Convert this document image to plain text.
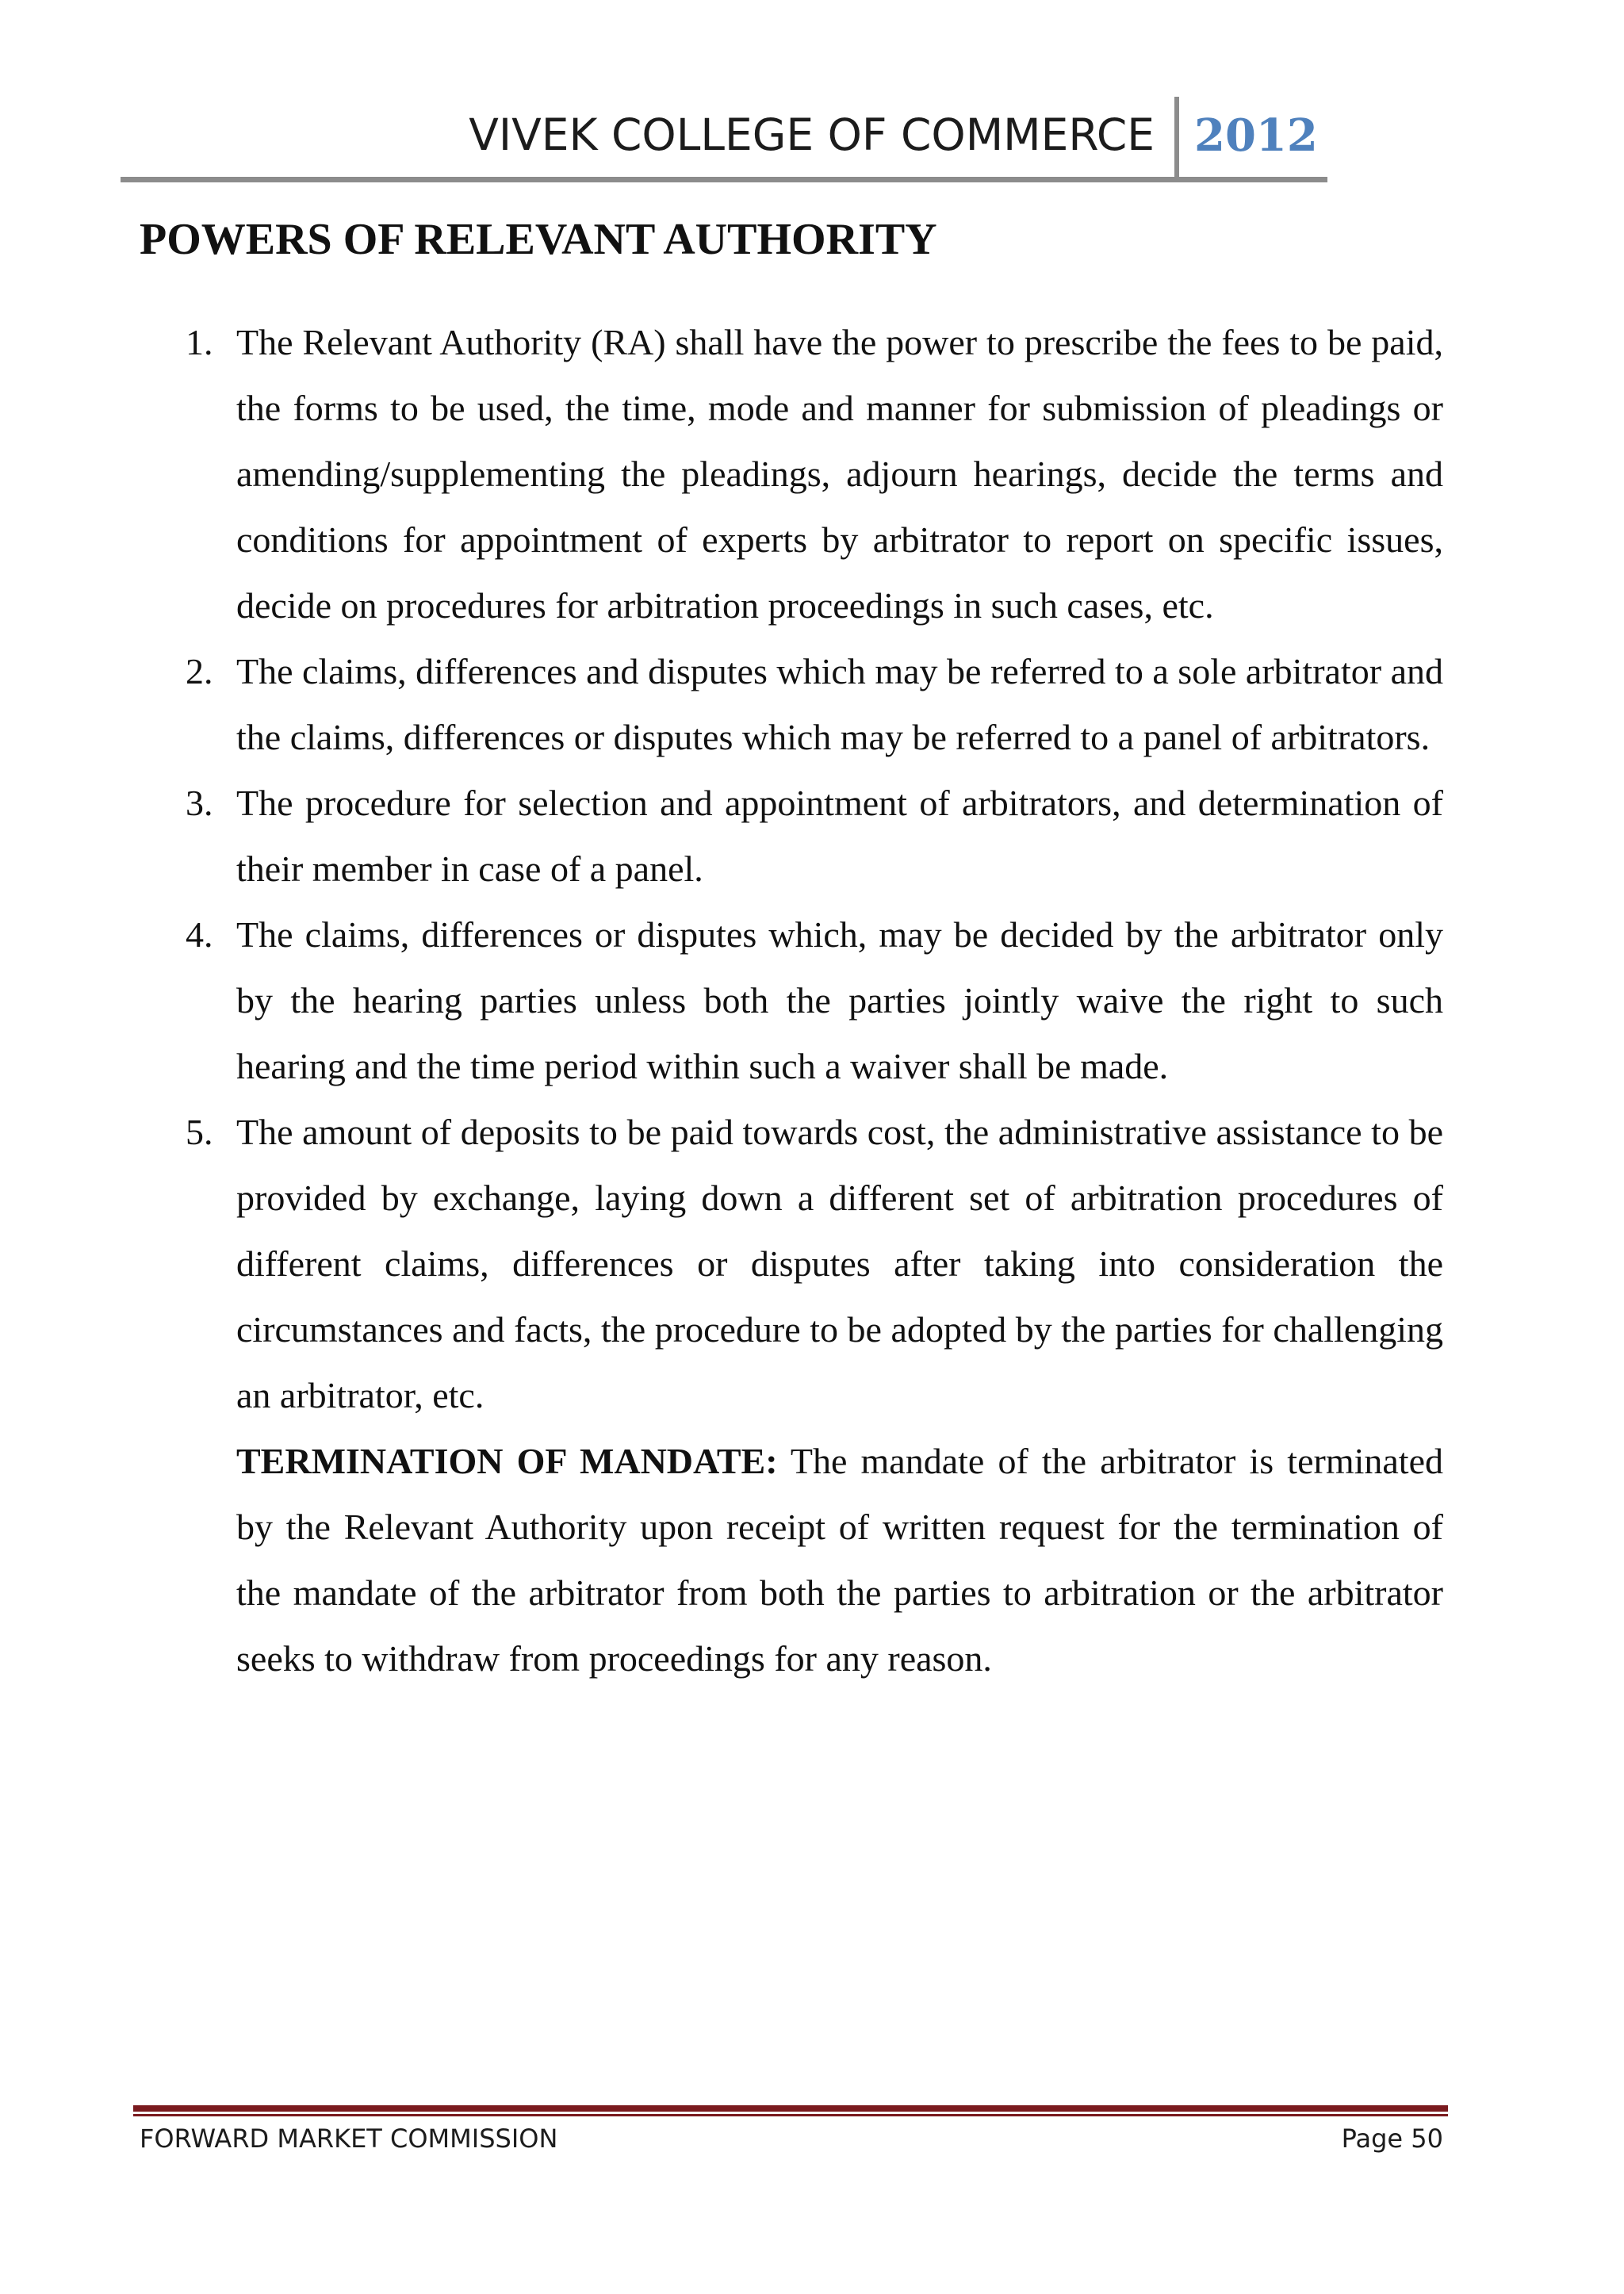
VIVEK COLLEGE OF COMMERCE 2012
POWERS OF RELEVANT AUTHORITY
1. The Relevant Authority (RA) shall have the power to prescribe the fees to be paid, the forms to be used, the time, mode and manner for submission of pleadings or amending/supplementing the pleadings, adjourn hearings, decide the terms and conditions for appointment of experts by arbitrator to report on specific issues, decide on procedures for arbitration proceedings in such cases, etc.

2. The claims, differences and disputes which may be referred to a sole arbitrator and the claims, differences or disputes which may be referred to a panel of arbitrators.

3. The procedure for selection and appointment of arbitrators, and determination of their member in case of a panel.

4. The claims, differences or disputes which, may be decided by the arbitrator only by the hearing parties unless both the parties jointly waive the right to such hearing and the time period within such a waiver shall be made.

5. The amount of deposits to be paid towards cost, the administrative assistance to be provided by exchange, laying down a different set of arbitration procedures of different claims, differences or disputes after taking into consideration the circumstances and facts, the procedure to be adopted by the parties for challenging an arbitrator, etc.

TERMINATION OF MANDATE: The mandate of the arbitrator is terminated by the Relevant Authority upon receipt of written request for the termination of the mandate of the arbitrator from both the parties to arbitration or the arbitrator seeks to withdraw from proceedings for any reason.

FORWARD MARKET COMMISSION	Page 50
